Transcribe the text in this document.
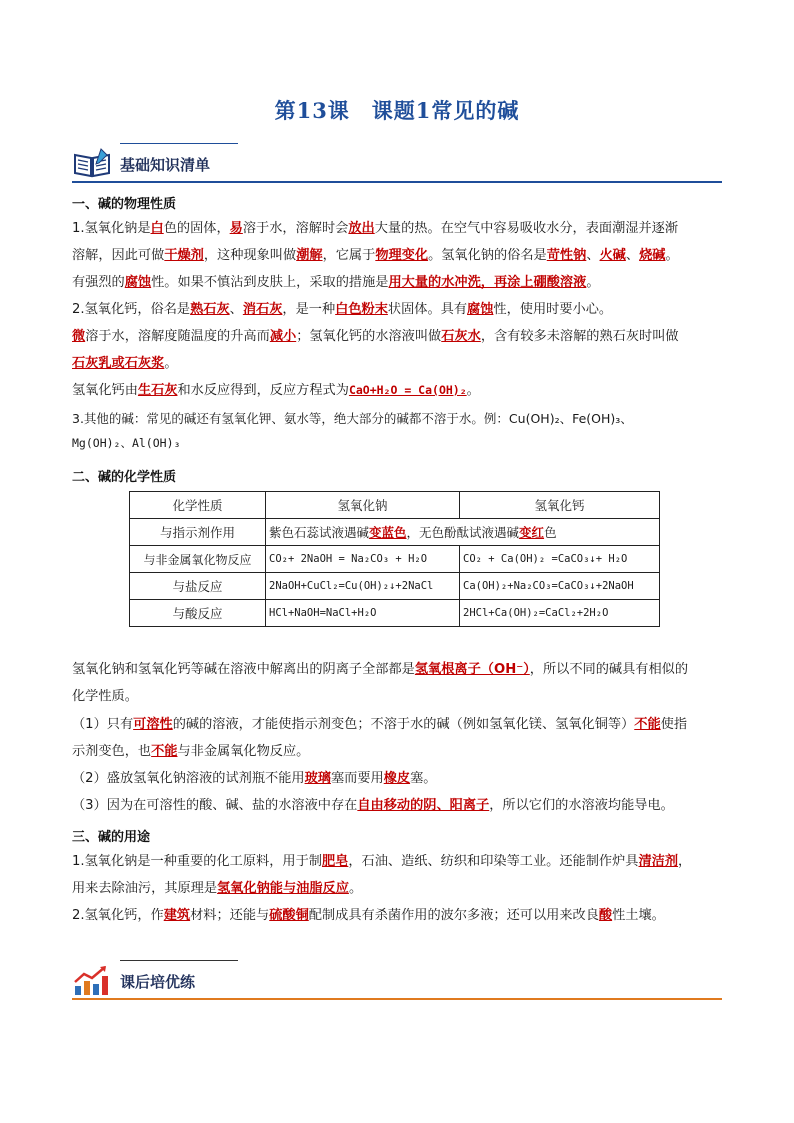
第13课　课题1常见的碱
基础知识清单
一、碱的物理性质
1.氢氧化钠是白色的固体，易溶于水，溶解时会放出大量的热。在空气中容易吸收水分，表面潮湿并逐渐
溶解，因此可做干燥剂，这种现象叫做潮解，它属于物理变化。氢氧化钠的俗名是苛性钠、火碱、烧碱。
有强烈的腐蚀性。如果不慎沾到皮肤上，采取的措施是用大量的水冲洗，再涂上硼酸溶液。
2.氢氧化钙，俗名是熟石灰、消石灰，是一种白色粉末状固体。具有腐蚀性，使用时要小心。
微溶于水，溶解度随温度的升高而减小；氢氧化钙的水溶液叫做石灰水，含有较多未溶解的熟石灰时叫做
石灰乳或石灰浆。
氢氧化钙由生石灰和水反应得到，反应方程式为CaO+H₂O = Ca(OH)₂。
3.其他的碱：常见的碱还有氢氧化钾、氨水等，绝大部分的碱都不溶于水。例：Cu(OH)₂、Fe(OH)₃、
Mg(OH)₂、Al(OH)₃
二、碱的化学性质
化学性质	氢氧化钠	氢氧化钙
与指示剂作用	紫色石蕊试液遇碱变蓝色，无色酚酞试液遇碱变红色	
与非金属氧化物反应	CO₂+ 2NaOH = Na₂CO₃ + H₂O	CO₂ + Ca(OH)₂ =CaCO₃↓+ H₂O
与盐反应	2NaOH+CuCl₂=Cu(OH)₂↓+2NaCl	Ca(OH)₂+Na₂CO₃=CaCO₃↓+2NaOH
与酸反应	HCl+NaOH=NaCl+H₂O	2HCl+Ca(OH)₂=CaCl₂+2H₂O
氢氧化钠和氢氧化钙等碱在溶液中解离出的阴离子全部都是氢氧根离子（OH⁻），所以不同的碱具有相似的
化学性质。
（1）只有可溶性的碱的溶液，才能使指示剂变色；不溶于水的碱（例如氢氧化镁、氢氧化铜等）不能使指
示剂变色，也不能与非金属氧化物反应。
（2）盛放氢氧化钠溶液的试剂瓶不能用玻璃塞而要用橡皮塞。
（3）因为在可溶性的酸、碱、盐的水溶液中存在自由移动的阴、阳离子，所以它们的水溶液均能导电。
三、碱的用途
1.氢氧化钠是一种重要的化工原料，用于制肥皂，石油、造纸、纺织和印染等工业。还能制作炉具清洁剂，
用来去除油污，其原理是氢氧化钠能与油脂反应。
2.氢氧化钙，作建筑材料；还能与硫酸铜配制成具有杀菌作用的波尔多液；还可以用来改良酸性土壤。
课后培优练
